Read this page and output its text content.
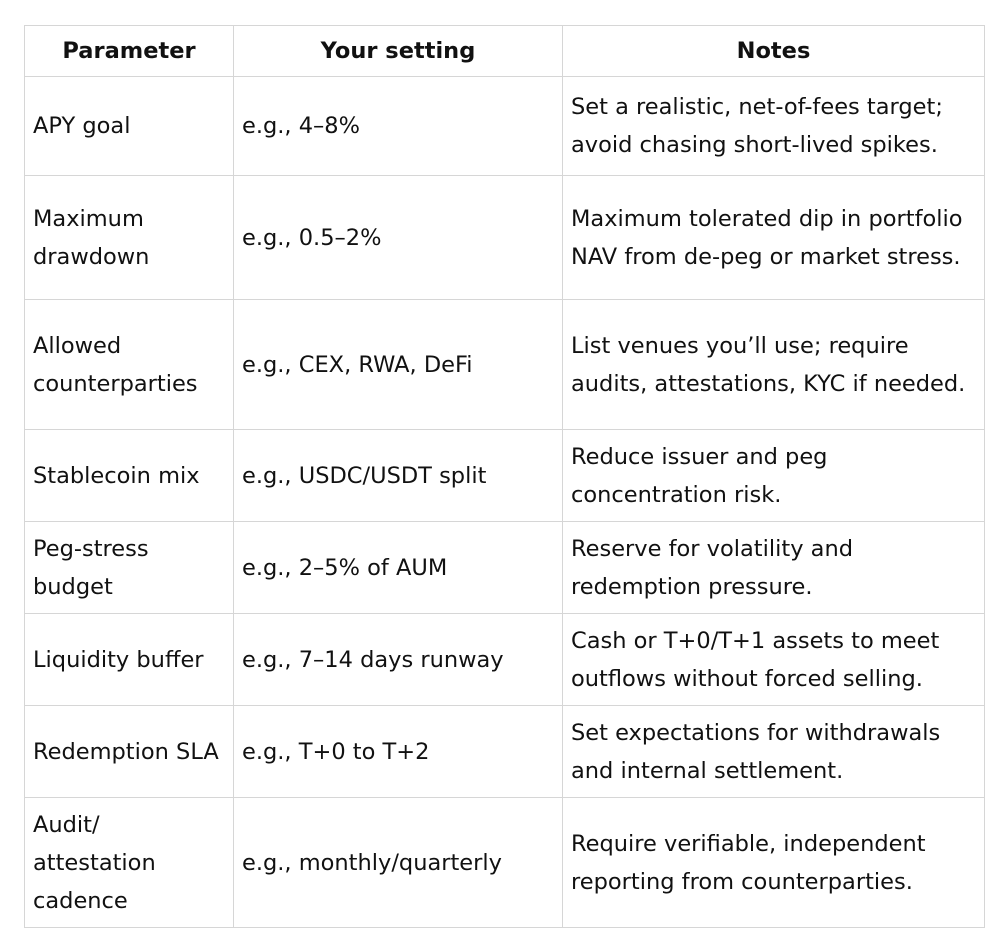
Parameter	Your setting	Notes
APY goal	e.g., 4–8%	Set a realistic, net-of-fees target; avoid chasing short-lived spikes.
Maximum drawdown	e.g., 0.5–2%	Maximum tolerated dip in portfolio NAV from de-peg or market stress.
Allowed counterparties	e.g., CEX, RWA, DeFi	List venues you’ll use; require audits, attestations, KYC if needed.
Stablecoin mix	e.g., USDC/USDT split	Reduce issuer and peg concentration risk.
Peg-stress budget	e.g., 2–5% of AUM	Reserve for volatility and redemption pressure.
Liquidity buffer	e.g., 7–14 days runway	Cash or T+0/T+1 assets to meet outflows without forced selling.
Redemption SLA	e.g., T+0 to T+2	Set expectations for withdrawals and internal settlement.
Audit/ attestation cadence	e.g., monthly/quarterly	Require verifiable, independent reporting from counterparties.
